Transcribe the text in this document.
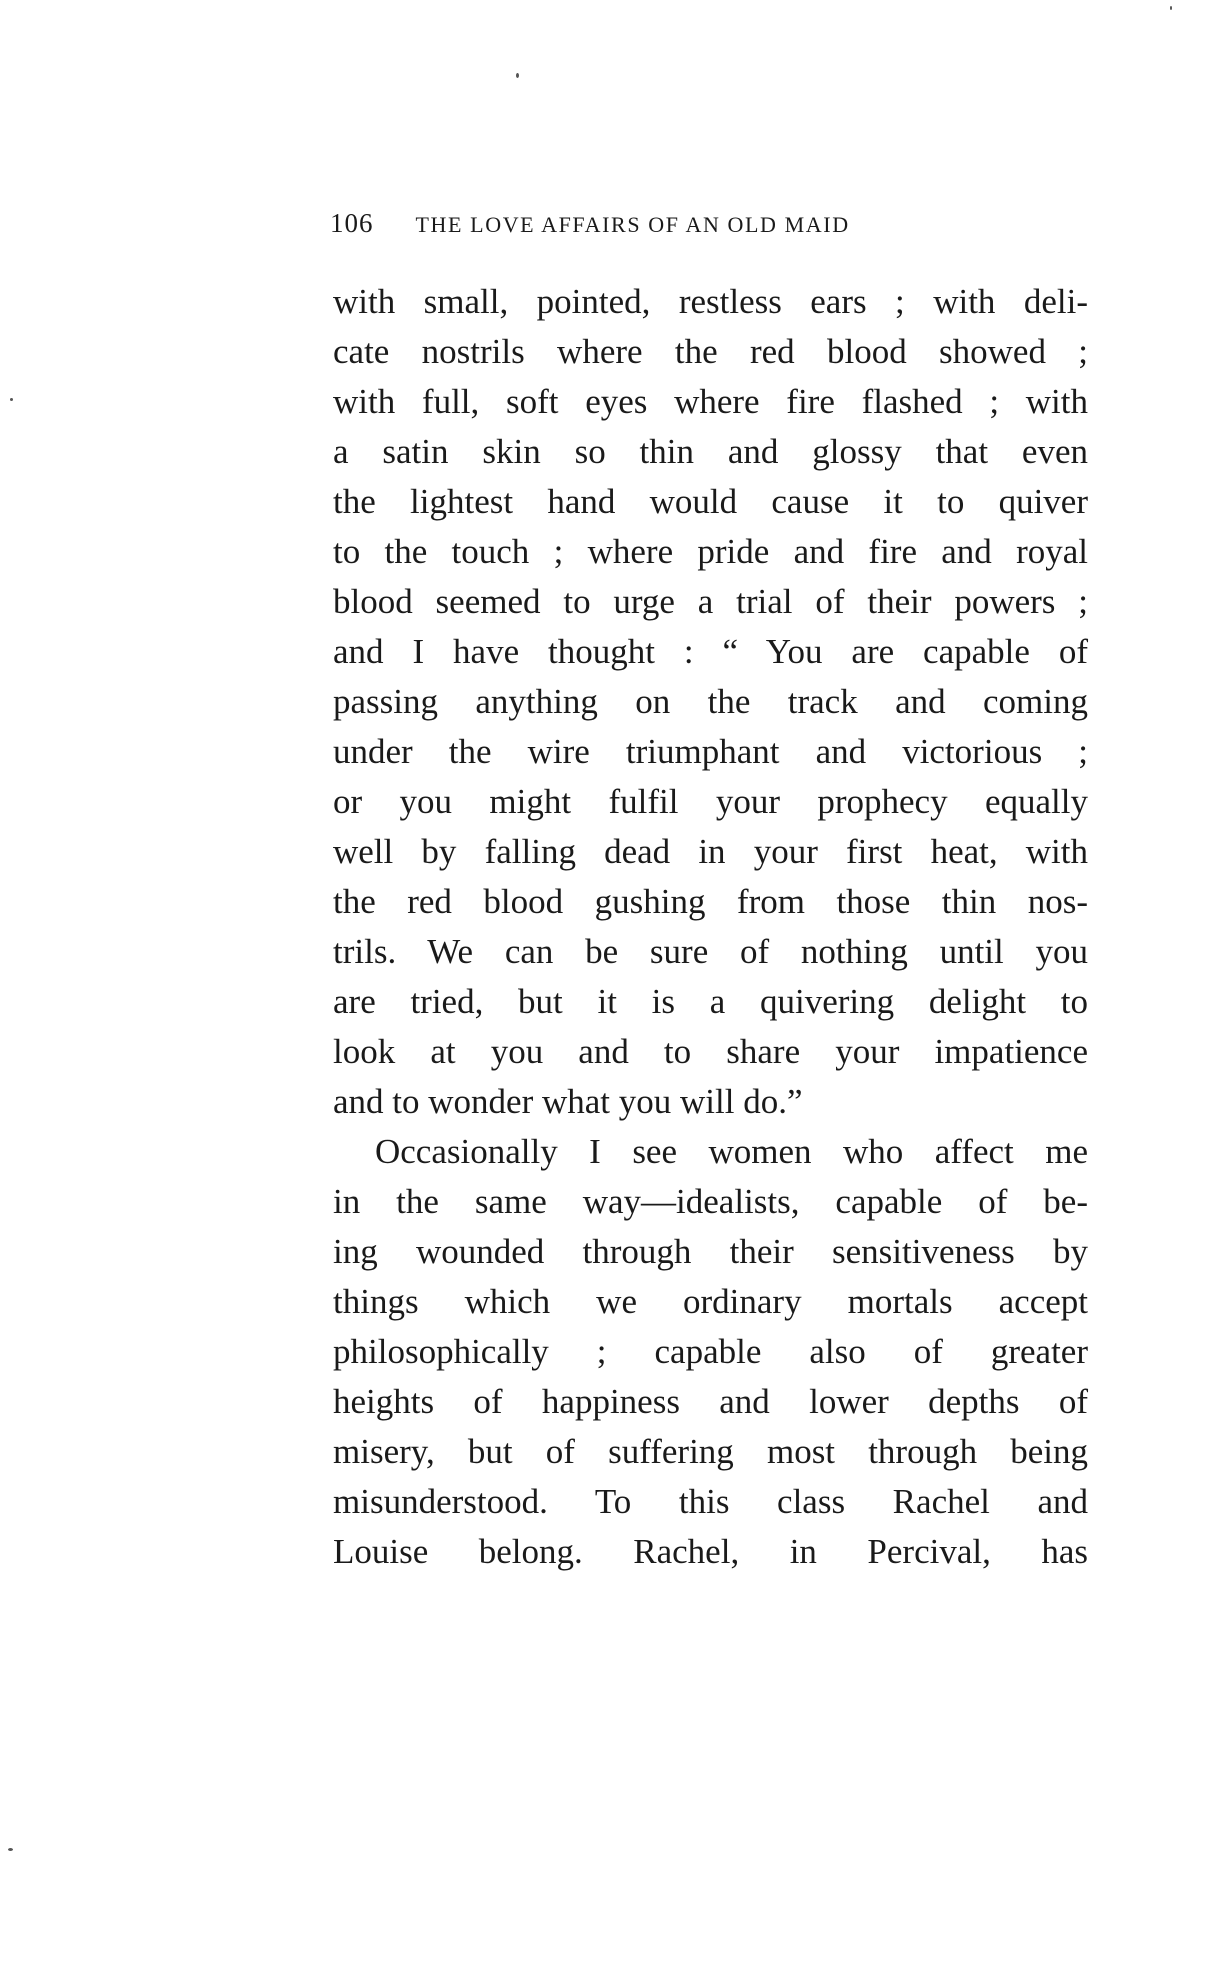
106 THE LOVE AFFAIRS OF AN OLD MAID
with small, pointed, restless ears ; with deli-
cate nostrils where the red blood showed ;
with full, soft eyes where fire flashed ; with
a satin skin so thin and glossy that even
the lightest hand would cause it to quiver
to the touch ; where pride and fire and royal
blood seemed to urge a trial of their powers ;
and I have thought : “ You are capable of
passing anything on the track and coming
under the wire triumphant and victorious ;
or you might fulfil your prophecy equally
well by falling dead in your first heat, with
the red blood gushing from those thin nos-
trils. We can be sure of nothing until you
are tried, but it is a quivering delight to
look at you and to share your impatience
and to wonder what you will do.”
Occasionally I see women who affect me
in the same way—idealists, capable of be-
ing wounded through their sensitiveness by
things which we ordinary mortals accept
philosophically ; capable also of greater
heights of happiness and lower depths of
misery, but of suffering most through being
misunderstood. To this class Rachel and
Louise belong. Rachel, in Percival, has
